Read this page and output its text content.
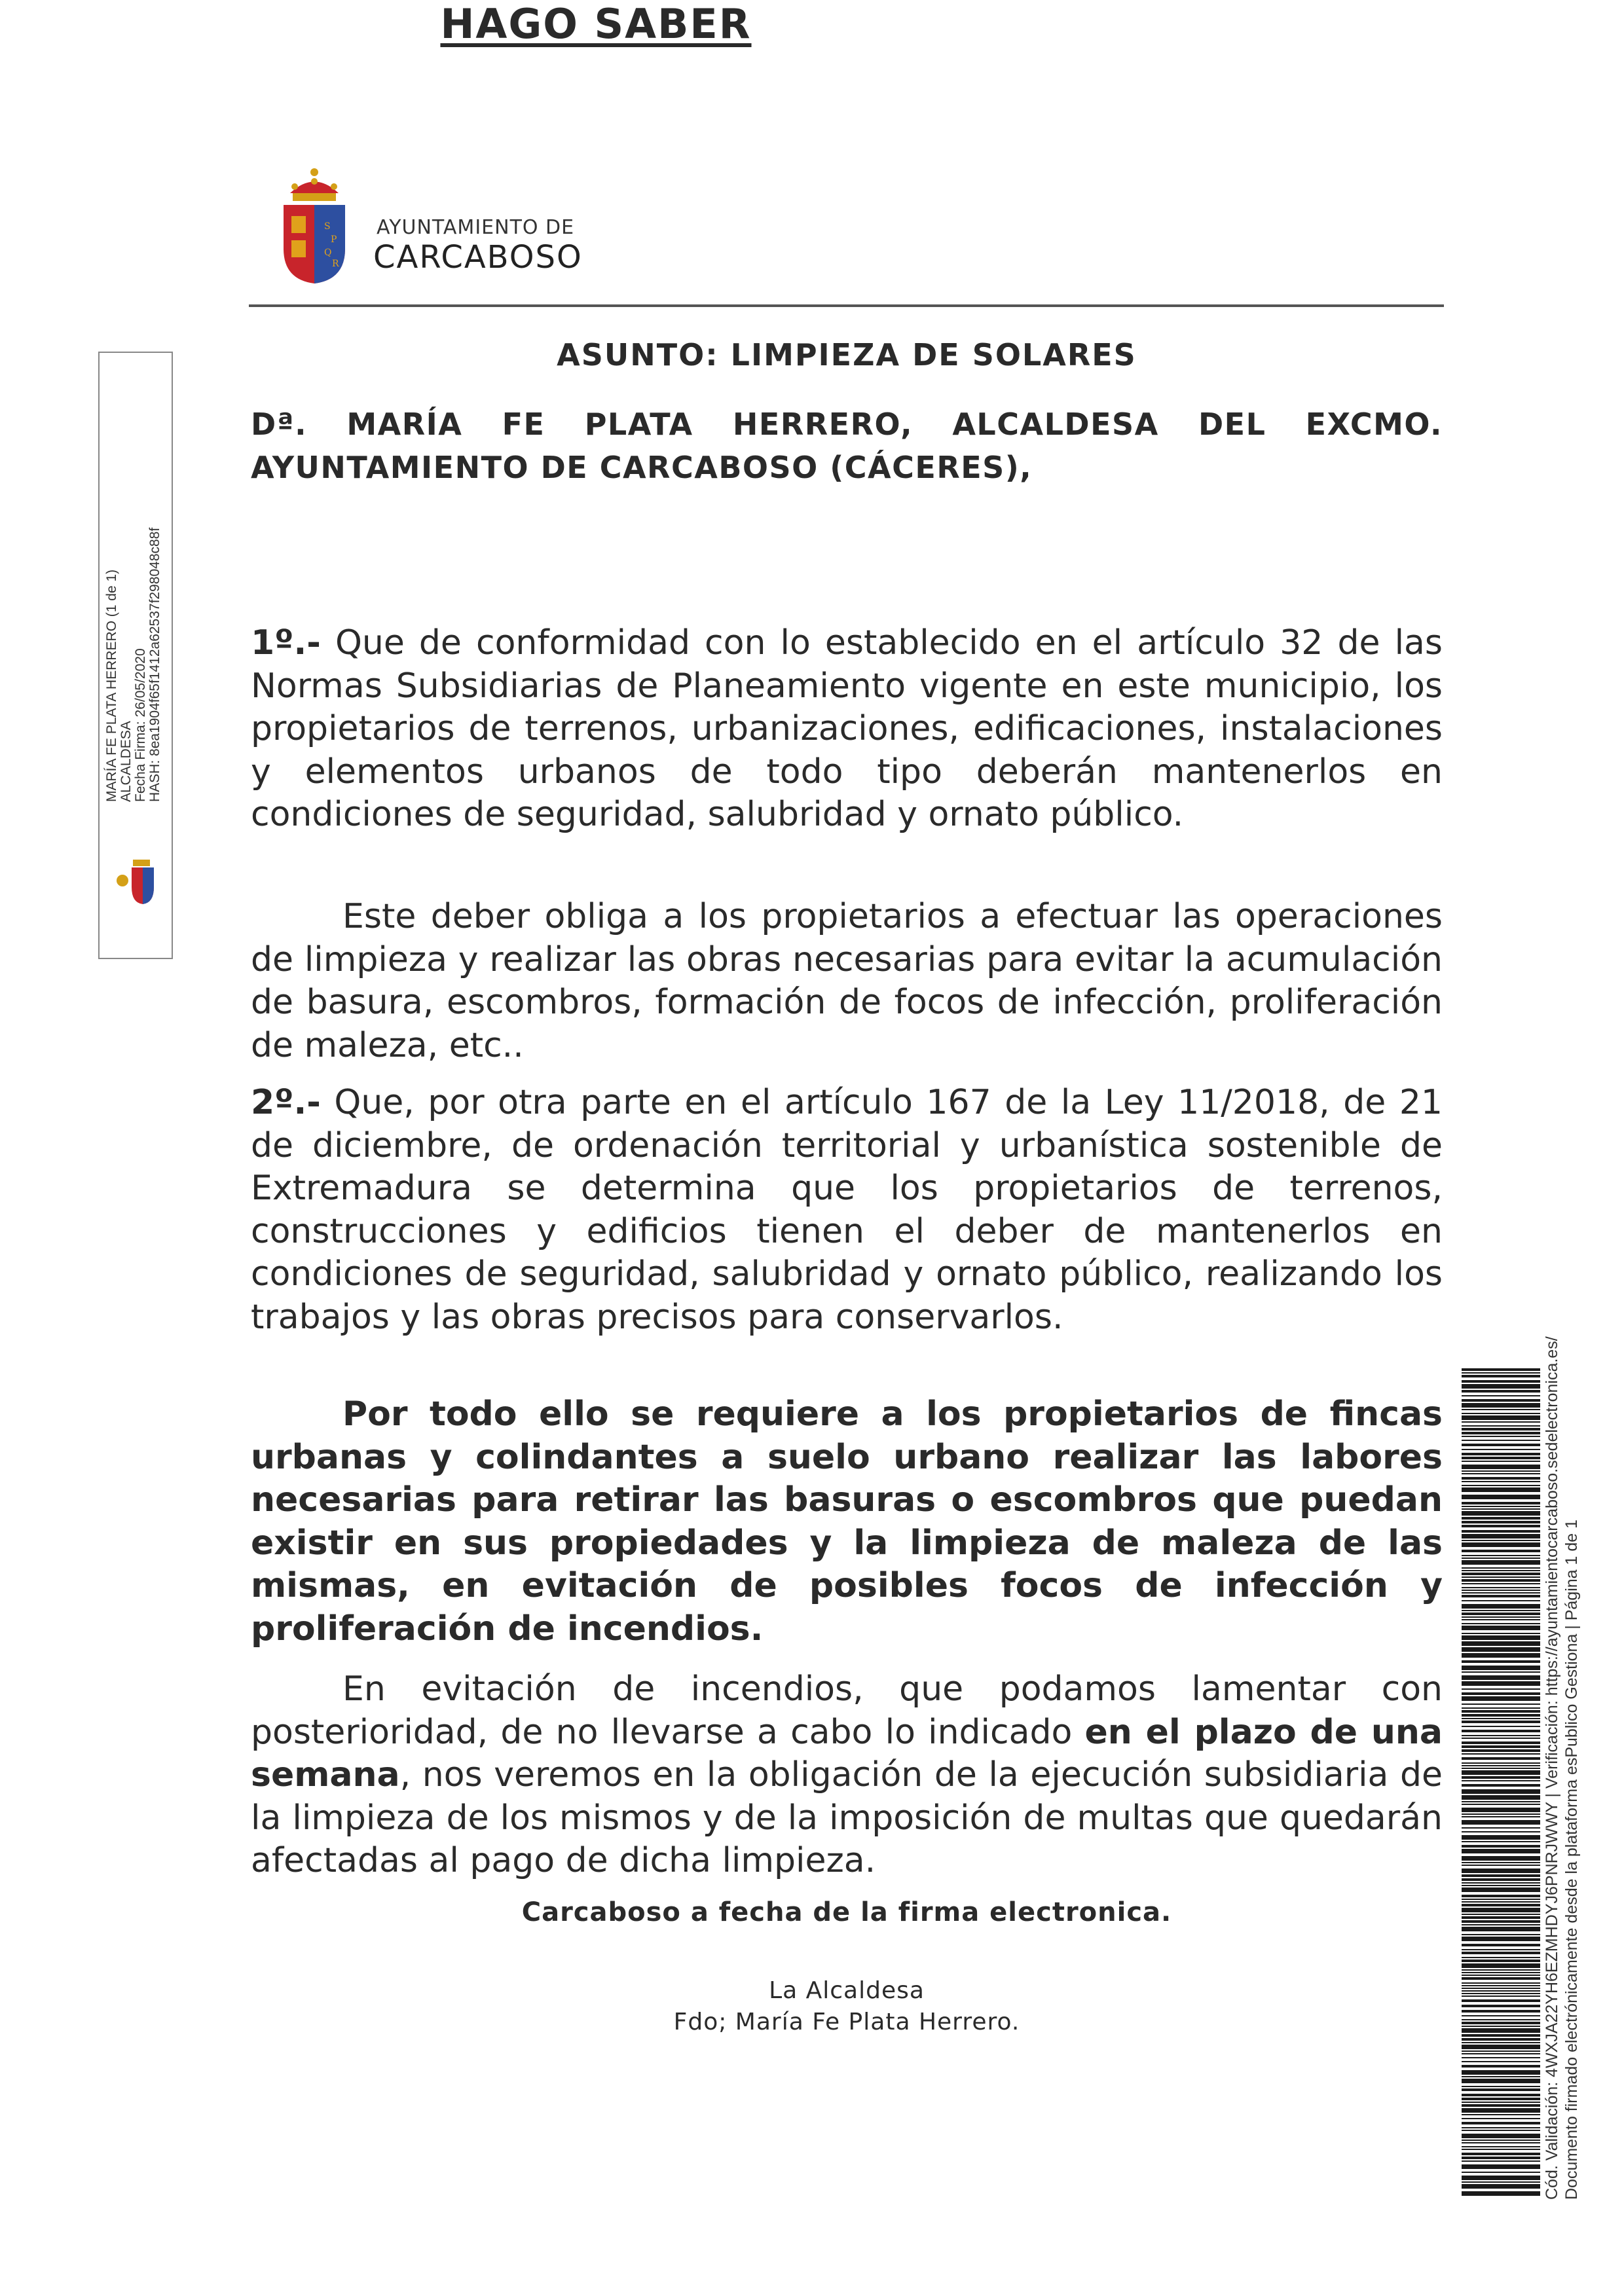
S
P
Q
R
AYUNTAMIENTO DE
CARCABOSO
MARÍA FE PLATA HERRERO (1 de 1) ALCALDESA Fecha Firma: 26/05/2020 HASH: 8ea1904f65f1412a62537f298048c88f
ASUNTO: LIMPIEZA DE SOLARES
Dª. MARÍA FE PLATA HERRERO, ALCALDESA DEL EXCMO.
AYUNTAMIENTO DE CARCABOSO (CÁCERES),
HAGO SABER

1º.- Que de conformidad con lo establecido en el artículo 32 de las Normas Subsidiarias de Planeamiento vigente en este municipio, los propietarios de terrenos, urbanizaciones, edificaciones, instalaciones y elementos urbanos de todo tipo deberán mantenerlos en condiciones de seguridad, salubridad y ornato público.

Este deber obliga a los propietarios a efectuar las operaciones de limpieza y realizar las obras necesarias para evitar la acumulación de basura, escombros, formación de focos de infección, proliferación de maleza, etc..

2º.- Que, por otra parte en el artículo 167 de la Ley 11/2018, de 21 de diciembre, de ordenación territorial y urbanística sostenible de Extremadura se determina que los propietarios de terrenos, construcciones y edificios tienen el deber de mantenerlos en condiciones de seguridad, salubridad y ornato público, realizando los trabajos y las obras precisos para conservarlos.

Por todo ello se requiere a los propietarios de fincas urbanas y colindantes a suelo urbano realizar las labores necesarias para retirar las basuras o escombros que puedan existir en sus propiedades y la limpieza de maleza de las mismas, en evitación de posibles focos de infección y proliferación de incendios.

En evitación de incendios, que podamos lamentar con posterioridad, de no llevarse a cabo lo indicado en el plazo de una semana, nos veremos en la obligación de la ejecución subsidiaria de la limpieza de los mismos y de la imposición de multas que quedarán afectadas al pago de dicha limpieza.

Carcaboso a fecha de la firma electronica.
La Alcaldesa
Fdo; María Fe Plata Herrero.	Cód. Validación: 4WXJA22YH6EZMHDYJ6PNRJWWY | Verificación: https://ayuntamientocarcaboso.sedelectronica.es/ Documento firmado electrónicamente desde la plataforma esPublico Gestiona | Página 1 de 1
